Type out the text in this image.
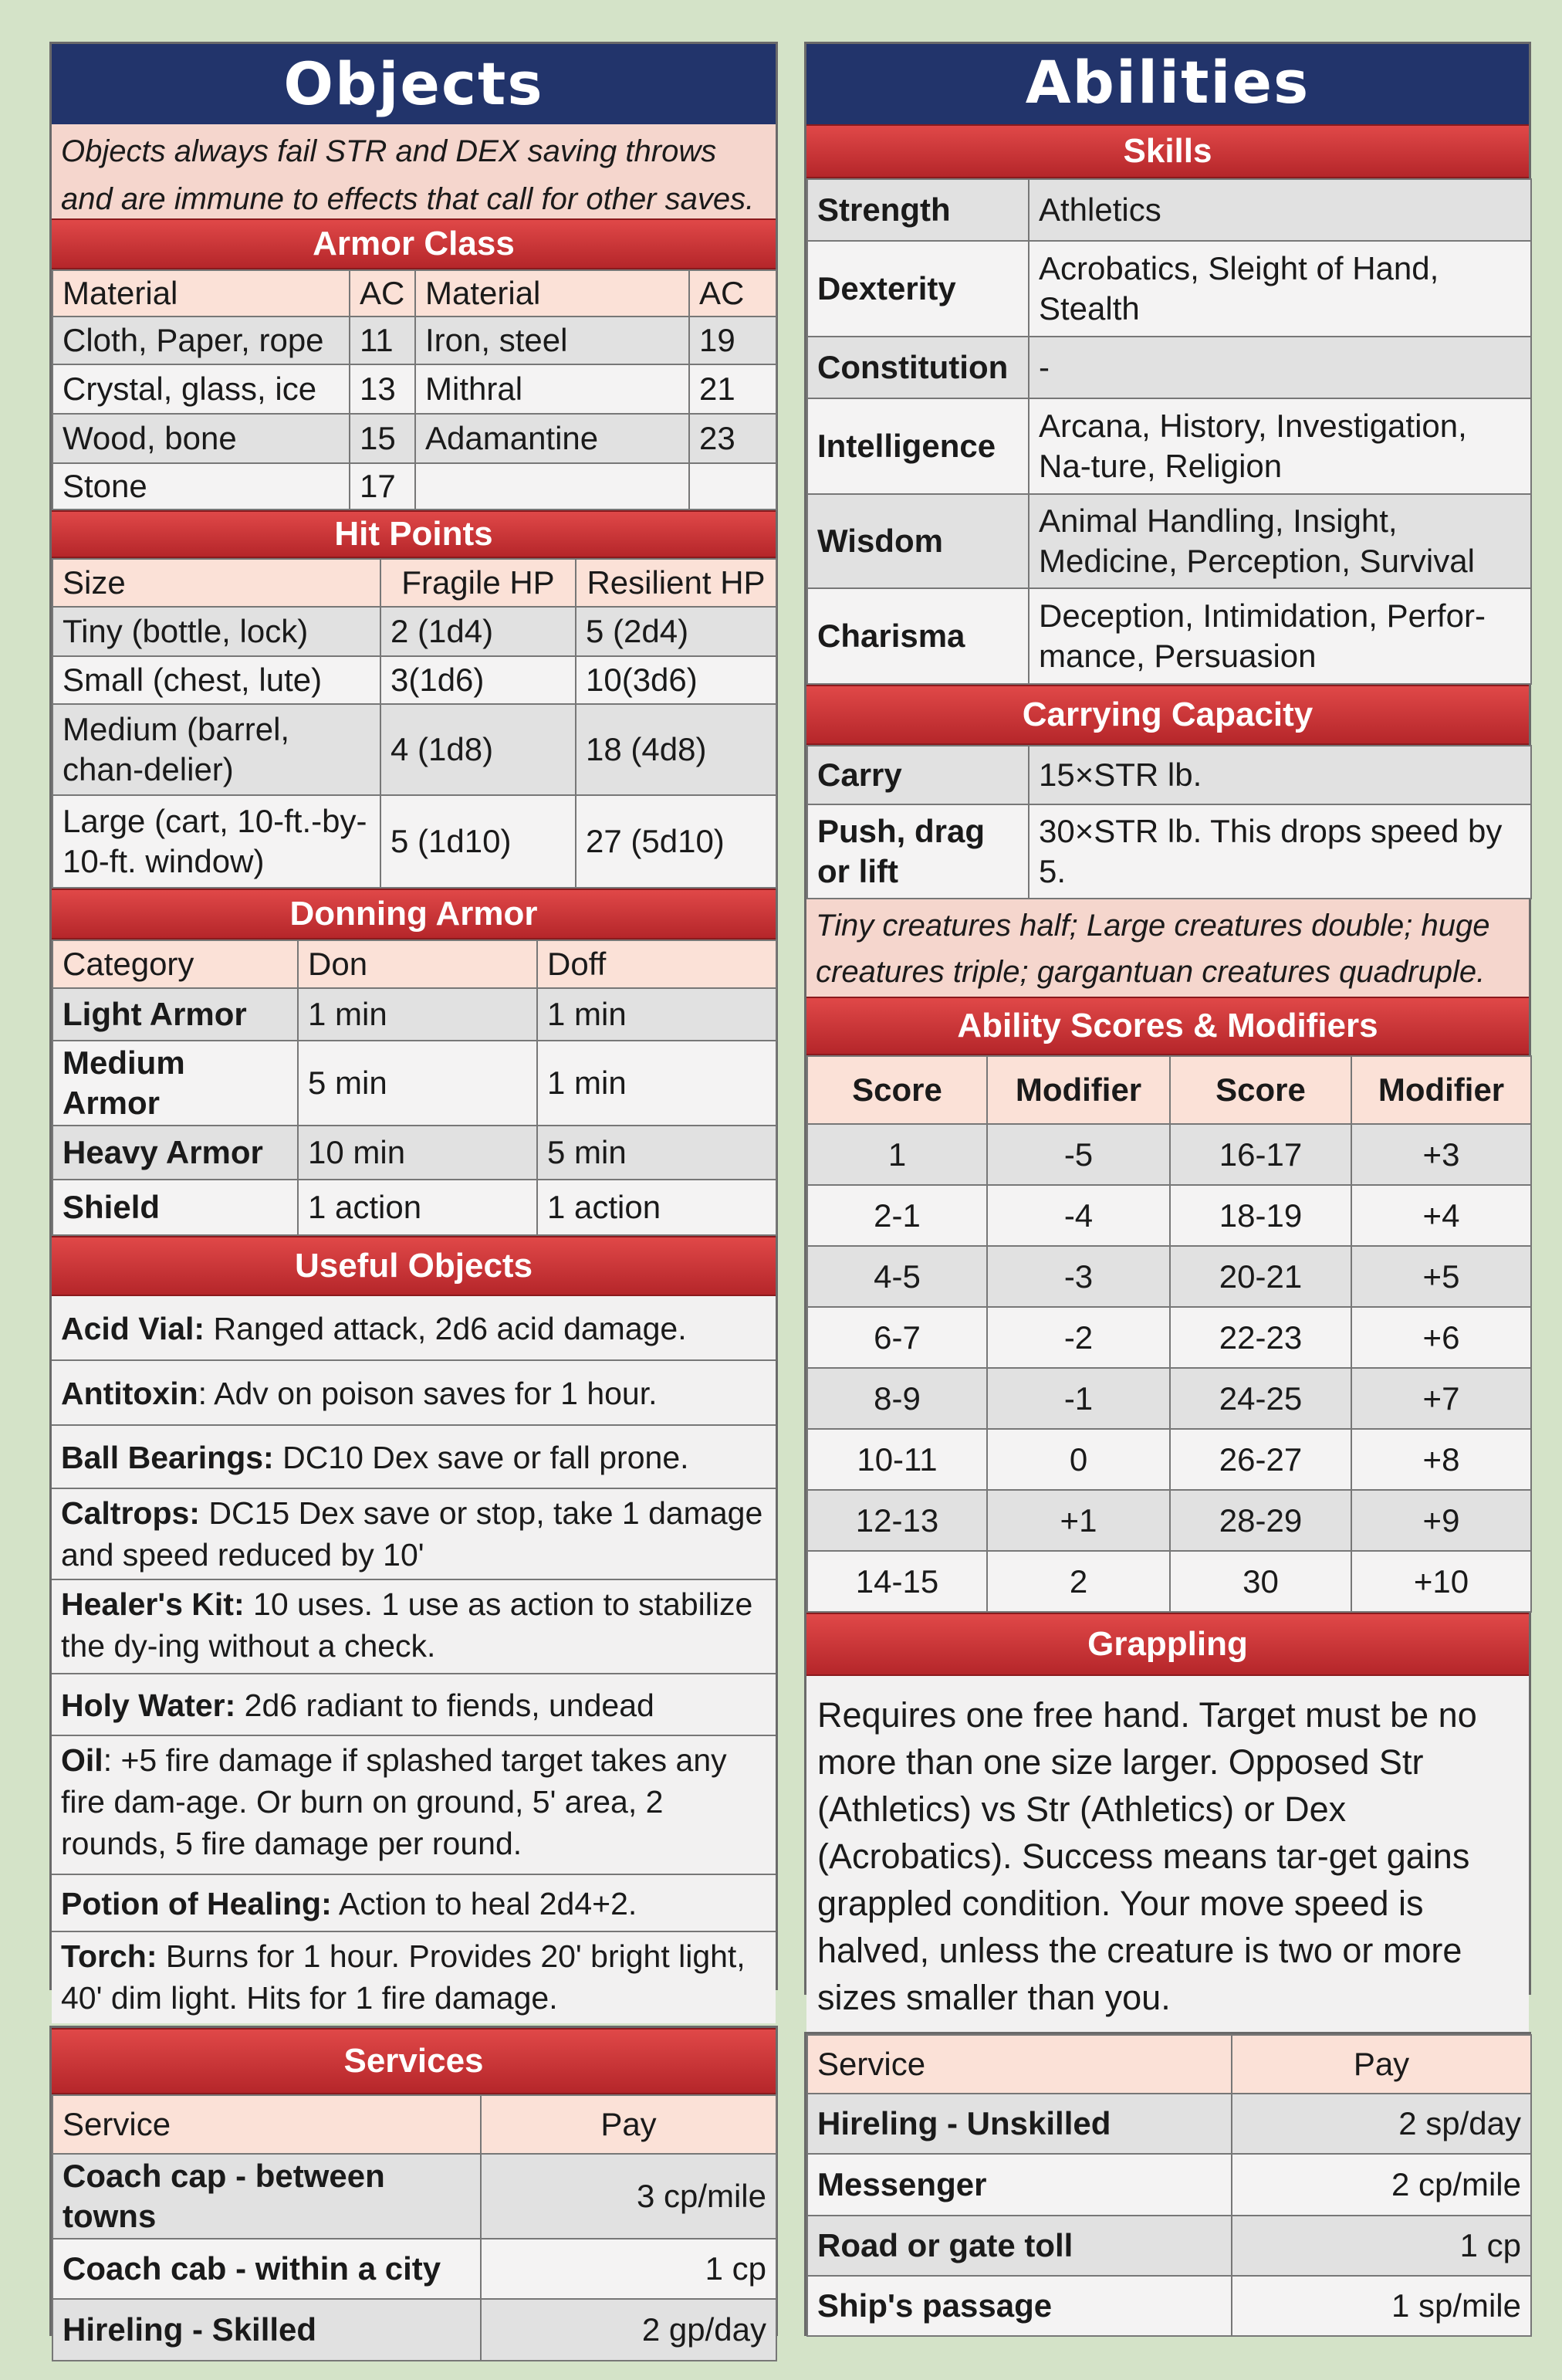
Objects
Objects always fail STR and DEX saving throws and are immune to effects that call for other saves.
Armor Class
Material	AC	Material	AC
Cloth, Paper, rope	11	Iron, steel	19
Crystal, glass, ice	13	Mithral	21
Wood, bone	15	Adamantine	23
Stone	17		
Hit Points
Size	Fragile HP	Resilient HP
Tiny (bottle, lock)	2 (1d4)	5 (2d4)
Small (chest, lute)	3(1d6)	10(3d6)
Medium (barrel, chan-delier)	4 (1d8)	18 (4d8)
Large (cart, 10-ft.-by-10-ft. window)	5 (1d10)	27 (5d10)
Donning Armor
Category	Don	Doff
Light Armor	1 min	1 min
Medium Armor	5 min	1 min
Heavy Armor	10 min	5 min
Shield	1 action	1 action
Useful Objects
Acid Vial: Ranged attack, 2d6 acid damage.
Antitoxin: Adv on poison saves for 1 hour.
Ball Bearings: DC10 Dex save or fall prone.
Caltrops: DC15 Dex save or stop, take 1 damage and speed reduced by 10'
Healer's Kit: 10 uses. 1 use as action to stabilize the dy-ing without a check.
Holy Water: 2d6 radiant to fiends, undead
Oil: +5 fire damage if splashed target takes any fire dam-age. Or burn on ground, 5' area, 2 rounds, 5 fire damage per round.
Potion of Healing: Action to heal 2d4+2.
Torch: Burns for 1 hour. Provides 20' bright light, 40' dim light. Hits for 1 fire damage.
Abilities
Skills
Strength	Athletics
Dexterity	Acrobatics, Sleight of Hand, Stealth
Constitution	-
Intelligence	Arcana, History, Investigation, Na-ture, Religion
Wisdom	Animal Handling, Insight, Medicine, Perception, Survival
Charisma	Deception, Intimidation, Perfor-mance, Persuasion
Carrying Capacity
Carry	15×STR lb.
Push, drag or lift	30×STR lb. This drops speed by 5.
Tiny creatures half; Large creatures double; huge creatures triple; gargantuan creatures quadruple.
Ability Scores & Modifiers
Score	Modifier	Score	Modifier
1	-5	16-17	+3
2-1	-4	18-19	+4
4-5	-3	20-21	+5
6-7	-2	22-23	+6
8-9	-1	24-25	+7
10-11	0	26-27	+8
12-13	+1	28-29	+9
14-15	2	30	+10
Grappling
Requires one free hand. Target must be no more than one size larger. Opposed Str (Athletics) vs Str (Athletics) or Dex (Acrobatics). Success means tar-get gains grappled condition. Your move speed is halved, unless the creature is two or more sizes smaller than you.
Services
Service	Pay
Coach cap - between towns	3 cp/mile
Coach cab - within a city	1 cp
Hireling - Skilled	2 gp/day
Service	Pay
Hireling - Unskilled	2 sp/day
Messenger	2 cp/mile
Road or gate toll	1 cp
Ship's passage	1 sp/mile
